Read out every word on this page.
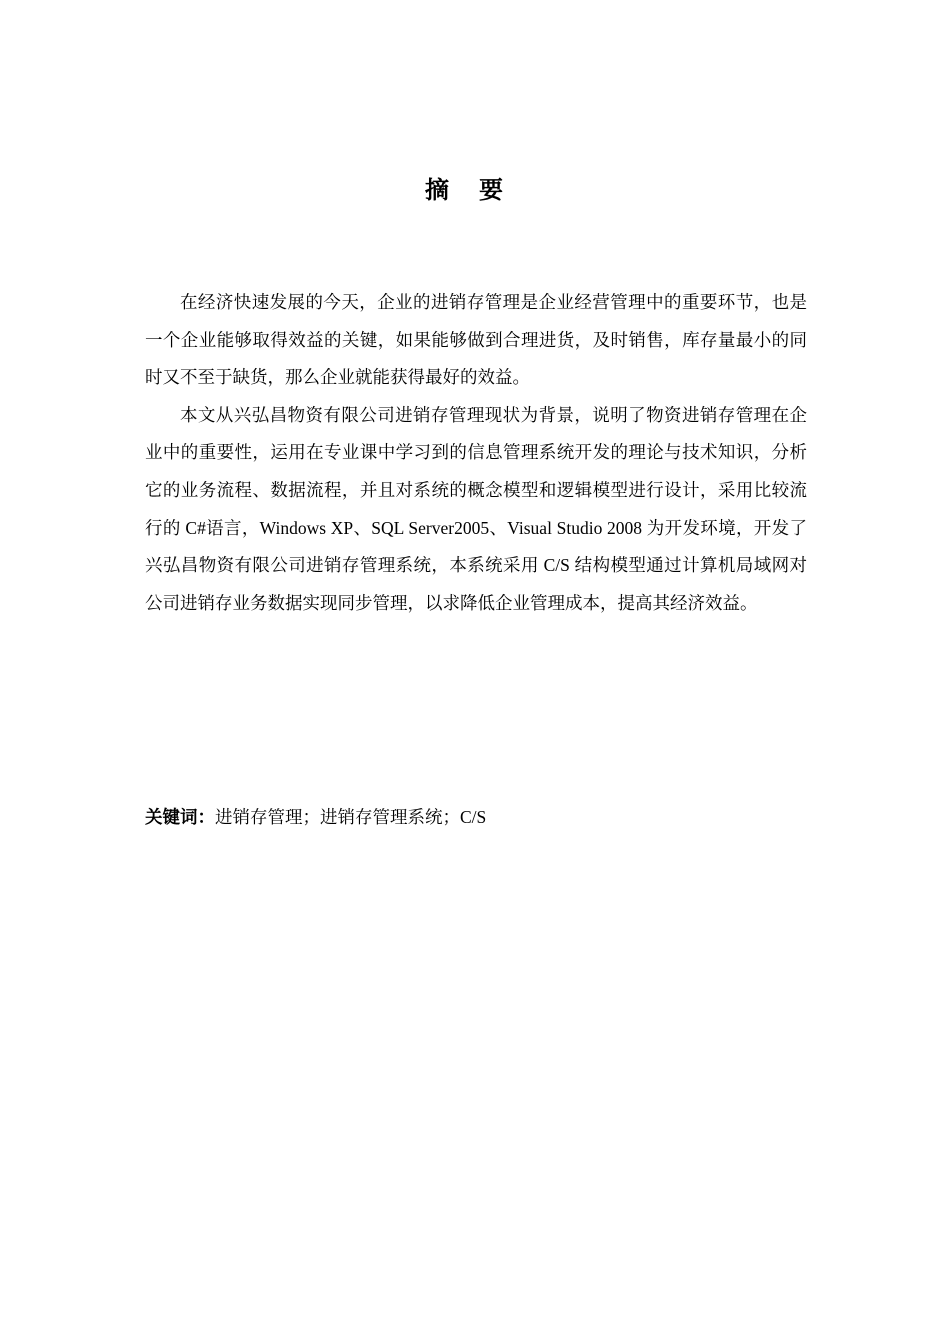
摘要

在经济快速发展的今天，企业的进销存管理是企业经营管理中的重要环节，也是一个企业能够取得效益的关键，如果能够做到合理进货，及时销售，库存量最小的同时又不至于缺货，那么企业就能获得最好的效益。

本文从兴弘昌物资有限公司进销存管理现状为背景，说明了物资进销存管理在企业中的重要性，运用在专业课中学习到的信息管理系统开发的理论与技术知识，分析它的业务流程、数据流程，并且对系统的概念模型和逻辑模型进行设计，采用比较流行的 C#语言，Windows XP、SQL Server2005、Visual Studio 2008 为开发环境，开发了兴弘昌物资有限公司进销存管理系统，本系统采用 C/S 结构模型通过计算机局域网对公司进销存业务数据实现同步管理，以求降低企业管理成本，提高其经济效益。

关键词：进销存管理；进销存管理系统；C/S
